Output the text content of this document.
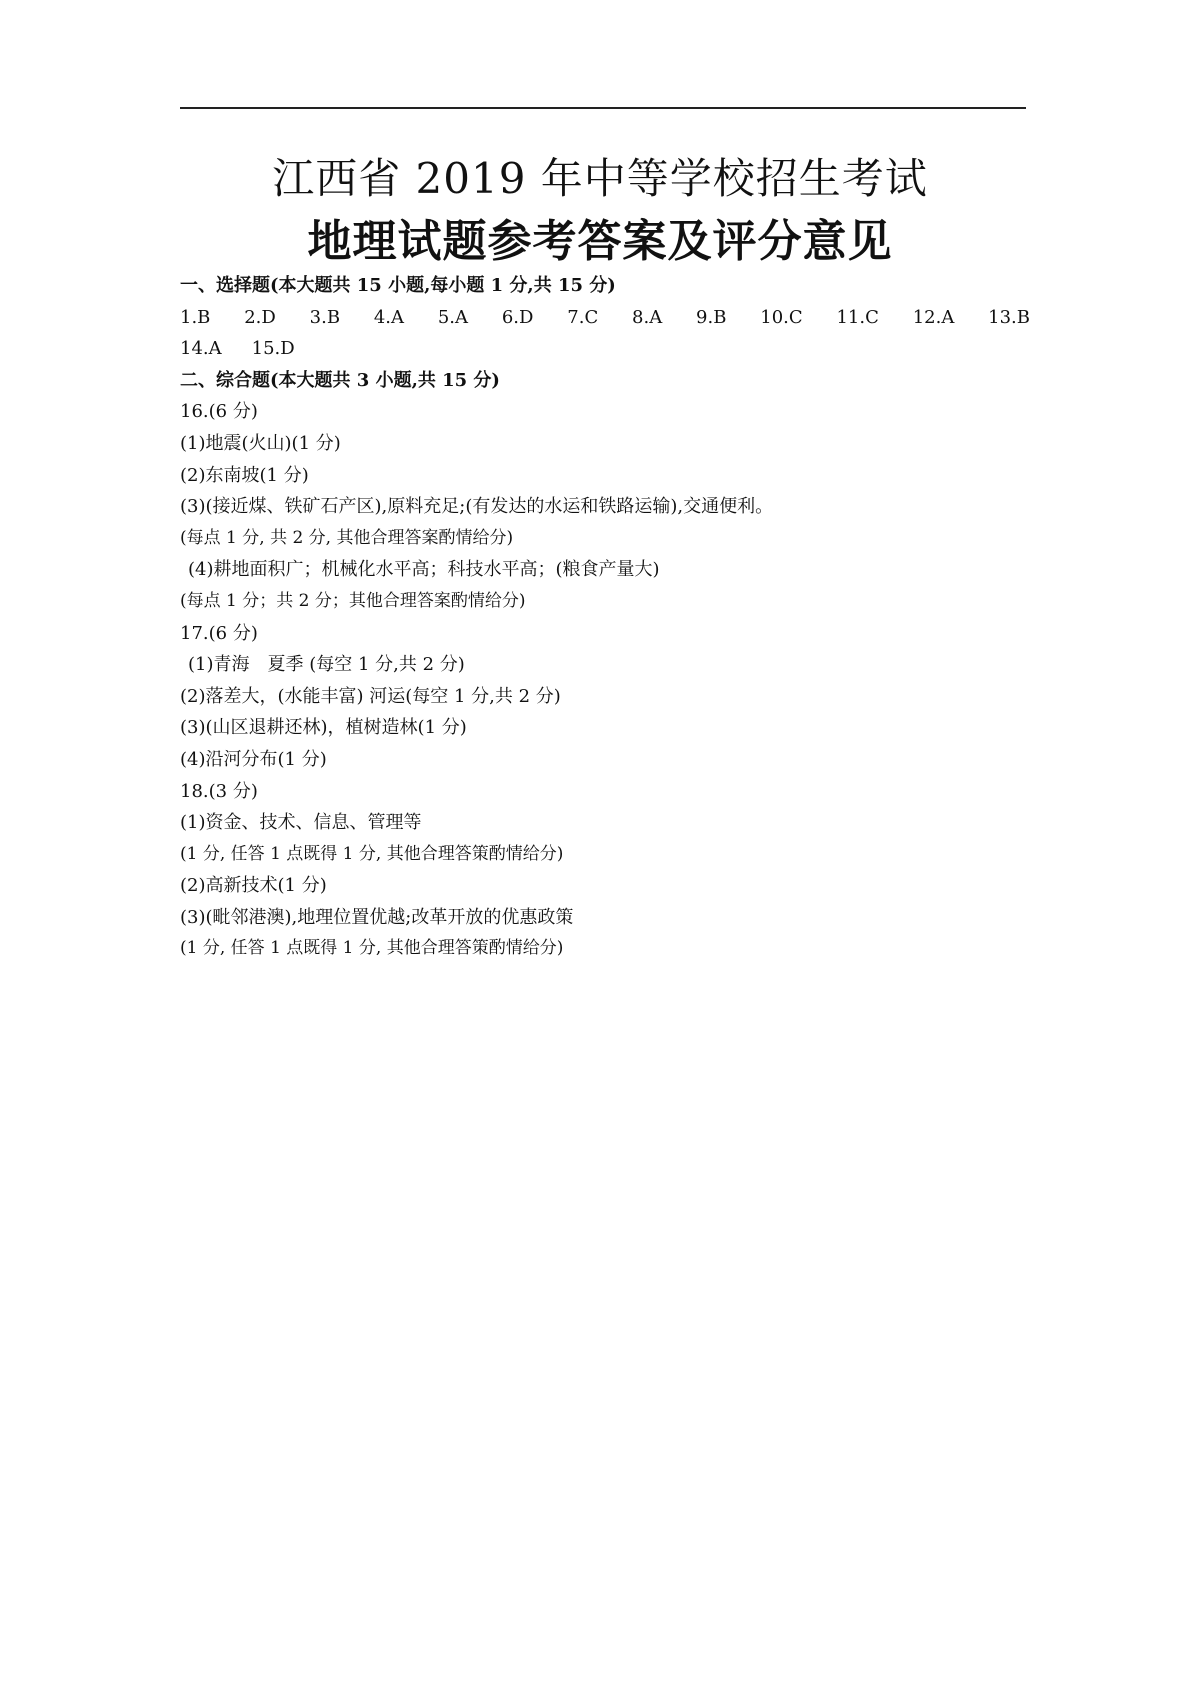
江西省 2019 年中等学校招生考试
地理试题参考答案及评分意见
一、选择题(本大题共 15 小题,每小题 1 分,共 15 分)
1.B 2.D 3.B 4.A 5.A 6.D 7.C 8.A 9.B 10.C 11.C 12.A 13.B
14.A 15.D
二、综合题(本大题共 3 小题,共 15 分)
16.(6 分)
(1)地震(火山)(1 分)
(2)东南坡(1 分)
(3)(接近煤、铁矿石产区),原料充足;(有发达的水运和铁路运输),交通便利。
(每点 1 分, 共 2 分, 其他合理答案酌情给分)
(4)耕地面积广；机械化水平高；科技水平高；(粮食产量大)
(每点 1 分；共 2 分；其他合理答案酌情给分)
17.(6 分)
(1)青海　夏季 (每空 1 分,共 2 分)
(2)落差大，(水能丰富) 河运(每空 1 分,共 2 分)
(3)(山区退耕还林)，植树造林(1 分)
(4)沿河分布(1 分)
18.(3 分)
(1)资金、技术、信息、管理等
(1 分, 任答 1 点既得 1 分, 其他合理答策酌情给分)
(2)高新技术(1 分)
(3)(毗邻港澳),地理位置优越;改革开放的优惠政策
(1 分, 任答 1 点既得 1 分, 其他合理答策酌情给分)
